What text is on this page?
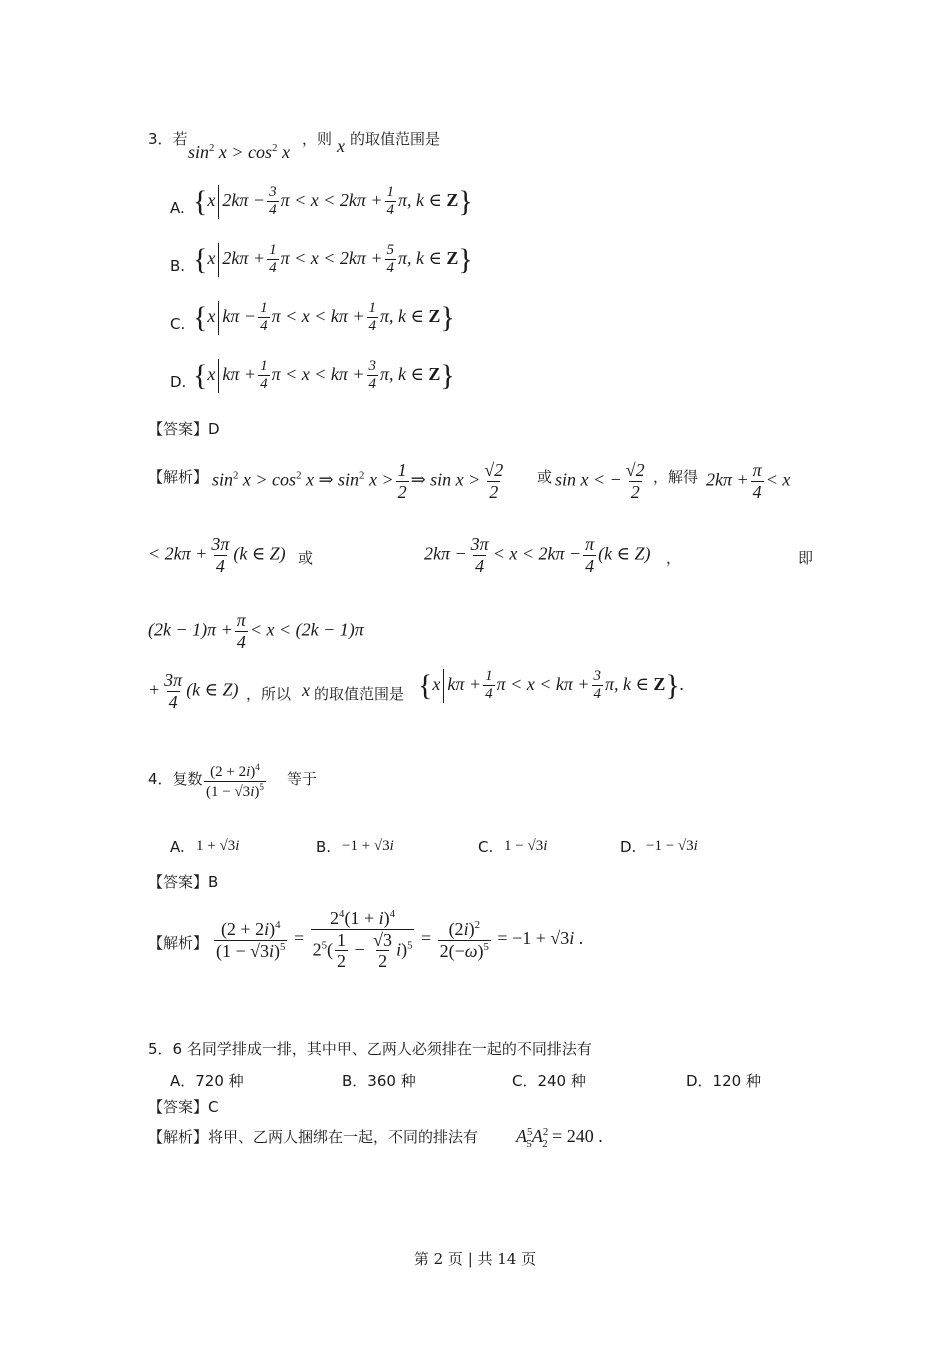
3．若
$\sin^2 x > \cos^2 x$
，则 x 的取值范围是
A. {x $2k\pi - \frac{3}{4}$ $\pi < x < 2k\pi + \frac{1}{4} \pi$, k ∈ Z}
B. {x $2k\pi + \frac{1}{4}$ $\pi < x < 2k\pi + \frac{5}{4} \pi$, k ∈ Z}
C. {x $k\pi - \frac{1}{4}$ $\pi < x < k\pi + \frac{1}{4} \pi$, k ∈ Z}
D. {x $k\pi + \frac{1}{4}$ $\pi < x < k\pi + \frac{3}{4} \pi$, k ∈ Z}
【答案】D
【解析】 $\sin^2 x > \cos^2 x$ ⇒ $\sin^2 x > \frac{1}{2}$ ⇒ $\sin x > \frac{√2}{2}$ 或 sin x < − $\frac{√2}{2}$ ，解得 $2k\pi + \frac{\pi}{4} < x$
< $2k\pi + \frac{3\pi}{4} (k$ ∈ Z) 或	$2k\pi - \frac{3\pi}{4} < x < 2k\pi - \frac{\pi}{4} (k$ ∈ Z) ，	即
$(2k - 1)\pi + \frac{\pi}{4} < x < (2k - 1)\pi$
+ $\frac{3\pi}{4} (k$ ∈ Z) ，所以 x 的取值范围是 {x $k\pi + \frac{1}{4}$ $\pi < x < k\pi + \frac{3}{4} \pi$, k ∈ Z}.
4．复数 $\frac{(2 + 2i)^4}{(1 - √3i)^5}$ 等于
A. 1 + √3i	B. −1 + √3i	C. 1 − √3i	D. −1 − √3i
【答案】B
【解析】 $\frac{(2 + 2i)^4}{(1 - √3i)^5} = \frac{2^4(1 + i)^4}{2^5( \frac{1}{2} - \frac{√3}{2} i)^5} = \frac{(2i)^2}{2(-\omega)^5} = -1 + √3i$ .
5．6 名同学排成一排，其中甲、乙两人必须排在一起的不同排法有
A．720 种	B．360 种	C．240 种	D．120 种
【答案】C
【解析】将甲、乙两人捆绑在一起，不同的排法有 $A^5_5A^2_2 = 240$ .
第 2 页 | 共 14 页
